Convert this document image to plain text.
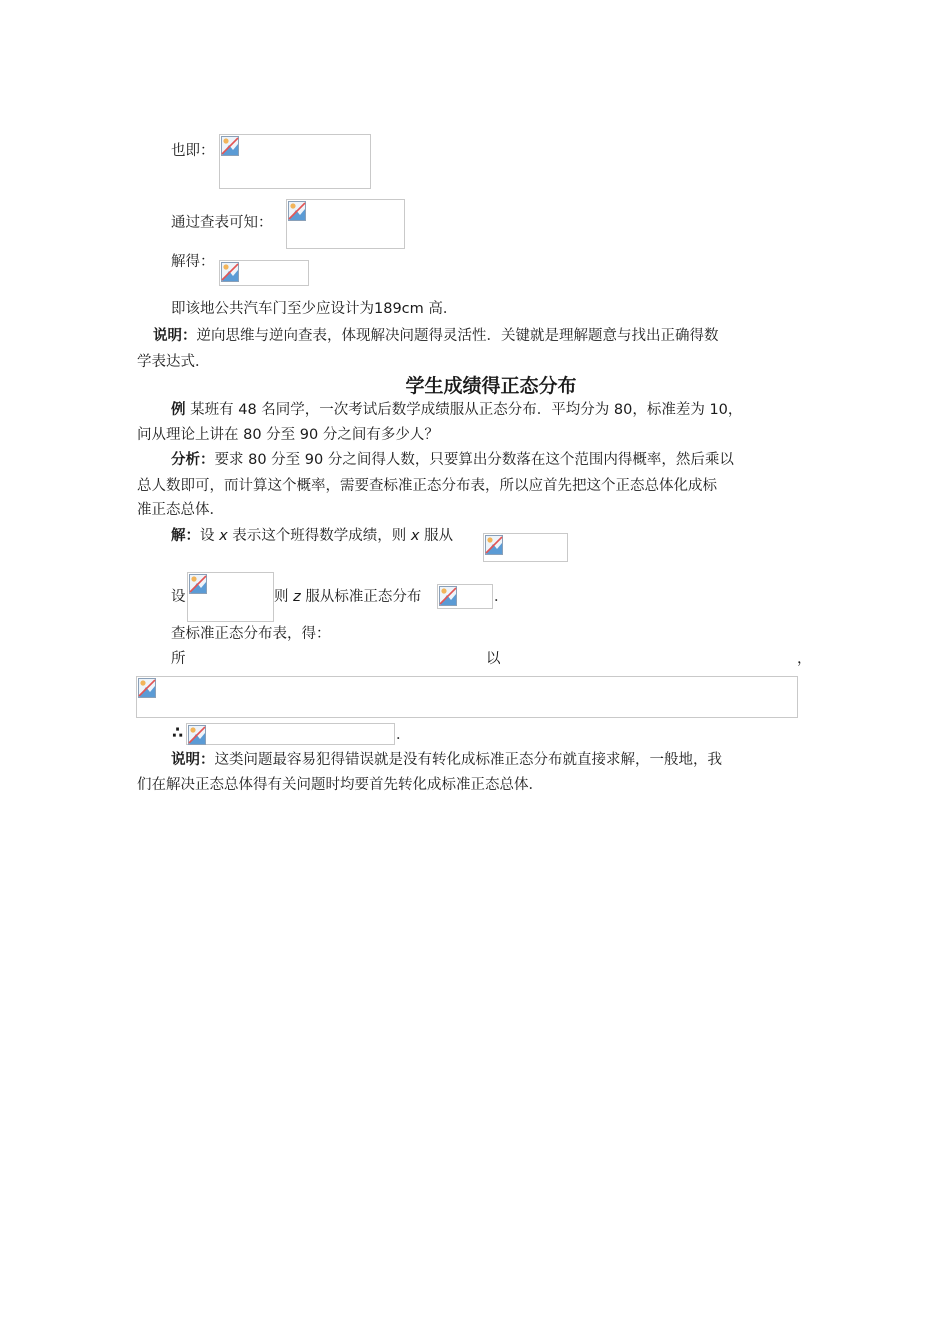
也即：
通过查表可知：
解得：
即该地公共汽车门至少应设计为189cm 高．
说明：逆向思维与逆向查表，体现解决问题得灵活性．关键就是理解题意与找出正确得数
学表达式．
学生成绩得正态分布
例 某班有 48 名同学，一次考试后数学成绩服从正态分布．平均分为 80，标准差为 10，
问从理论上讲在 80 分至 90 分之间有多少人？
分析：要求 80 分至 90 分之间得人数，只要算出分数落在这个范围内得概率，然后乘以
总人数即可，而计算这个概率，需要查标准正态分布表，所以应首先把这个正态总体化成标
准正态总体．
解：设 x 表示这个班得数学成绩，则 x 服从
设	则 z 服从标准正态分布	．
查标准正态分布表，得：
所	以	，
∴	．
说明：这类问题最容易犯得错误就是没有转化成标准正态分布就直接求解，一般地，我
们在解决正态总体得有关问题时均要首先转化成标准正态总体．
